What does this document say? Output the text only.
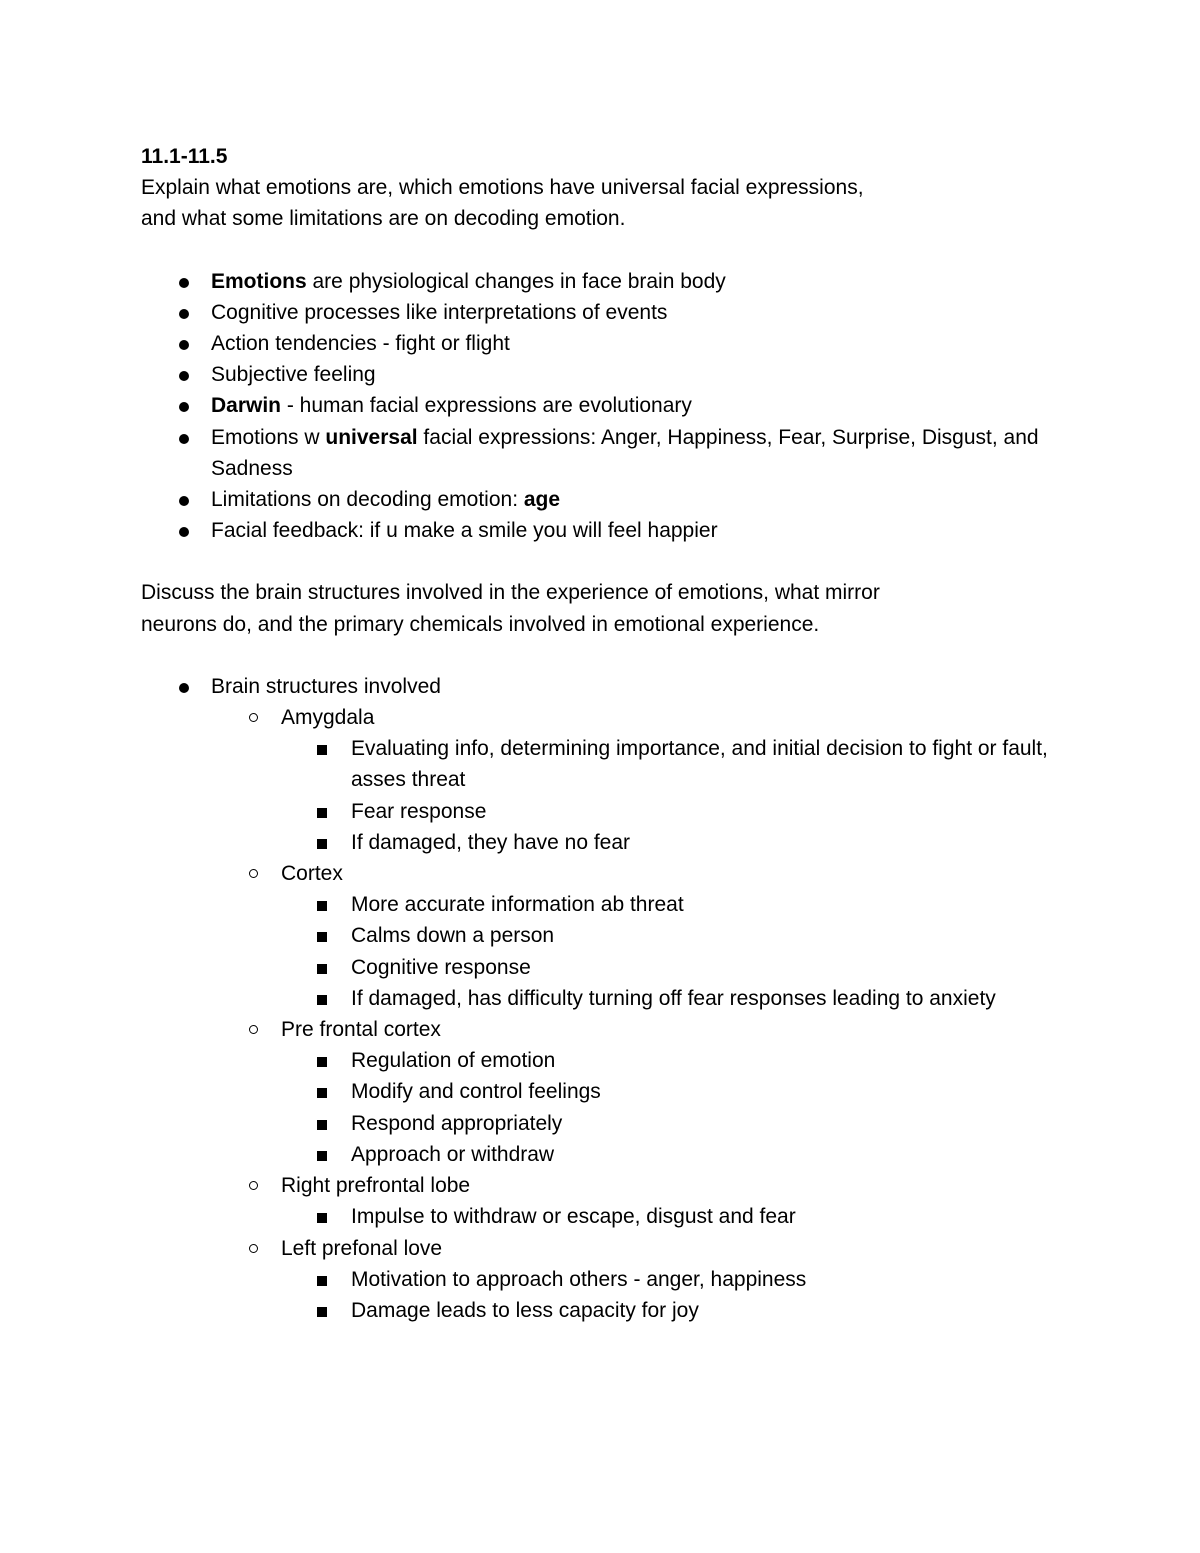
11.1-11.5
Explain what emotions are, which emotions have universal facial expressions,
and what some limitations are on decoding emotion.
Emotions are physiological changes in face brain body
Cognitive processes like interpretations of events
Action tendencies - fight or flight
Subjective feeling
Darwin - human facial expressions are evolutionary
Emotions w universal facial expressions: Anger, Happiness, Fear, Surprise, Disgust, and Sadness
Limitations on decoding emotion: age
Facial feedback: if u make a smile you will feel happier
Discuss the brain structures involved in the experience of emotions, what mirror
neurons do, and the primary chemicals involved in emotional experience.
Brain structures involved
Amygdala
Evaluating info, determining importance, and initial decision to fight or fault, asses threat
Fear response
If damaged, they have no fear
Cortex
More accurate information ab threat
Calms down a person
Cognitive response
If damaged, has difficulty turning off fear responses leading to anxiety
Pre frontal cortex
Regulation of emotion
Modify and control feelings
Respond appropriately
Approach or withdraw
Right prefrontal lobe
Impulse to withdraw or escape, disgust and fear
Left prefonal love
Motivation to approach others - anger, happiness
Damage leads to less capacity for joy
